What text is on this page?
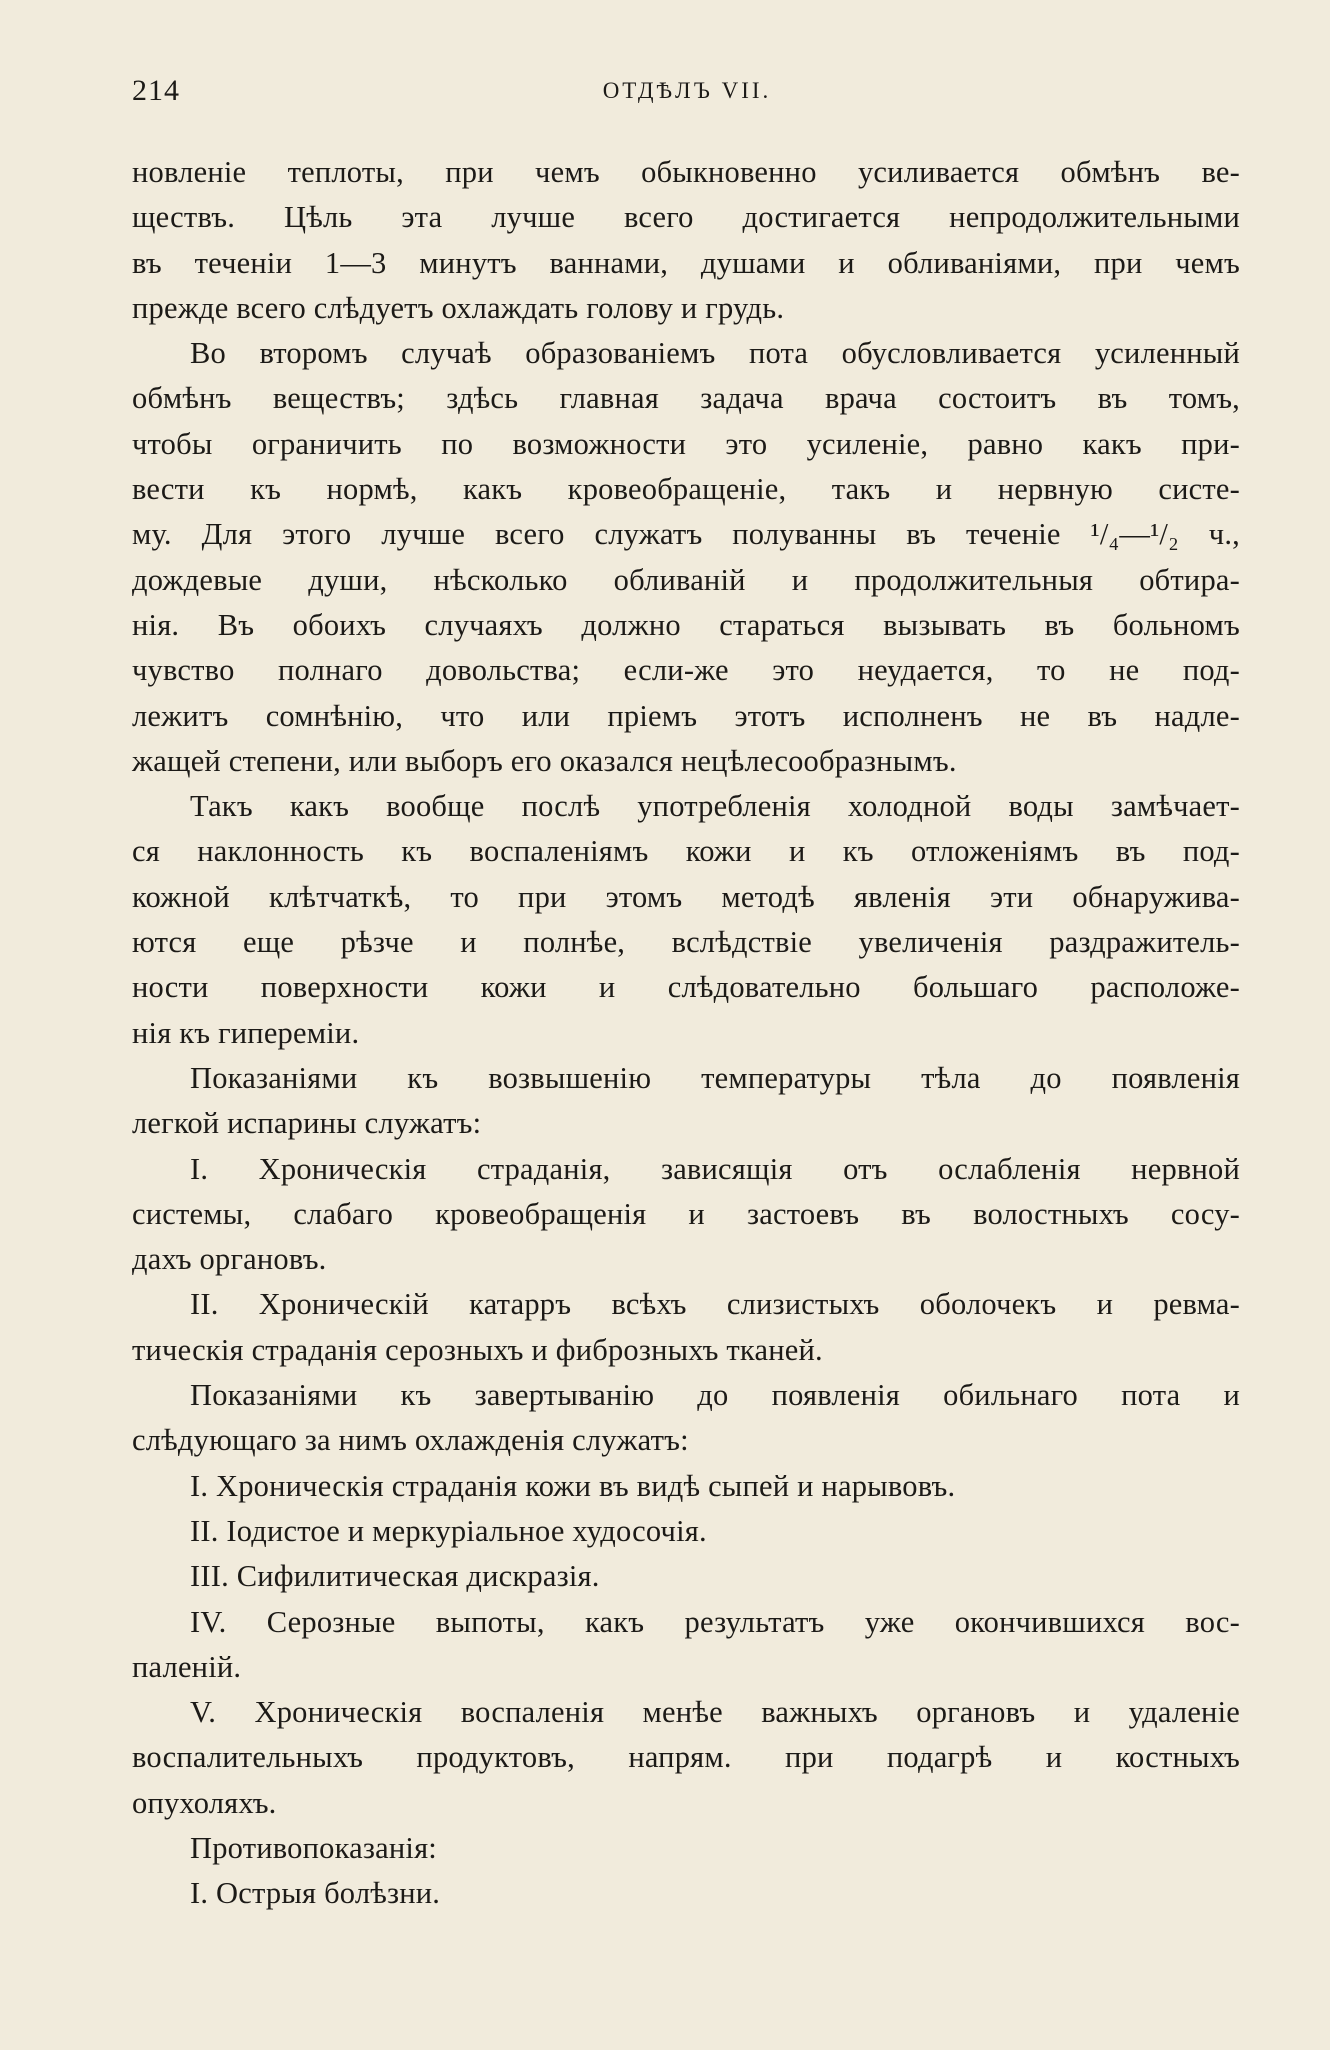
214	ОТДѢЛЪ VII.
новленіе теплоты, при чемъ обыкновенно усиливается обмѣнъ ве-
ществъ. Цѣль эта лучше всего достигается непродолжительными
въ теченіи 1—3 минутъ ваннами, душами и обливаніями, при чемъ
прежде всего слѣдуетъ охлаждать голову и грудь.
Во второмъ случаѣ образованіемъ пота обусловливается усиленный
обмѣнъ веществъ; здѣсь главная задача врача состоитъ въ томъ,
чтобы ограничить по возможности это усиленіе, равно какъ при-
вести къ нормѣ, какъ кровеобращеніе, такъ и нервную систе-
му. Для этого лучше всего служатъ полуванны въ теченіе ¹/₄—¹/₂ ч.,
дождевые души, нѣсколько обливаній и продолжительныя обтира-
нія. Въ обоихъ случаяхъ должно стараться вызывать въ больномъ
чувство полнаго довольства; если-же это неудается, то не под-
лежитъ сомнѣнію, что или пріемъ этотъ исполненъ не въ надле-
жащей степени, или выборъ его оказался нецѣлесообразнымъ.
Такъ какъ вообще послѣ употребленія холодной воды замѣчает-
ся наклонность къ воспаленіямъ кожи и къ отложеніямъ въ под-
кожной клѣтчаткѣ, то при этомъ методѣ явленія эти обнаружива-
ются еще рѣзче и полнѣе, вслѣдствіе увеличенія раздражитель-
ности поверхности кожи и слѣдовательно большаго расположе-
нія къ гипереміи.
Показаніями къ возвышенію температуры тѣла до появленія
легкой испарины служатъ:
I. Хроническія страданія, зависящія отъ ослабленія нервной
системы, слабаго кровеобращенія и застоевъ въ волостныхъ сосу-
дахъ органовъ.
II. Хроническій катарръ всѣхъ слизистыхъ оболочекъ и ревма-
тическія страданія серозныхъ и фиброзныхъ тканей.
Показаніями къ завертыванію до появленія обильнаго пота и
слѣдующаго за нимъ охлажденія служатъ:
I. Хроническія страданія кожи въ видѣ сыпей и нарывовъ.
II. Іодистое и меркуріальное худосочія.
III. Сифилитическая дискразія.
IV. Серозные выпоты, какъ результатъ уже окончившихся вос-
паленій.
V. Хроническія воспаленія менѣе важныхъ органовъ и удаленіе
воспалительныхъ продуктовъ, напрям. при подагрѣ и костныхъ
опухоляхъ.
Противопоказанія:
I. Острыя болѣзни.
